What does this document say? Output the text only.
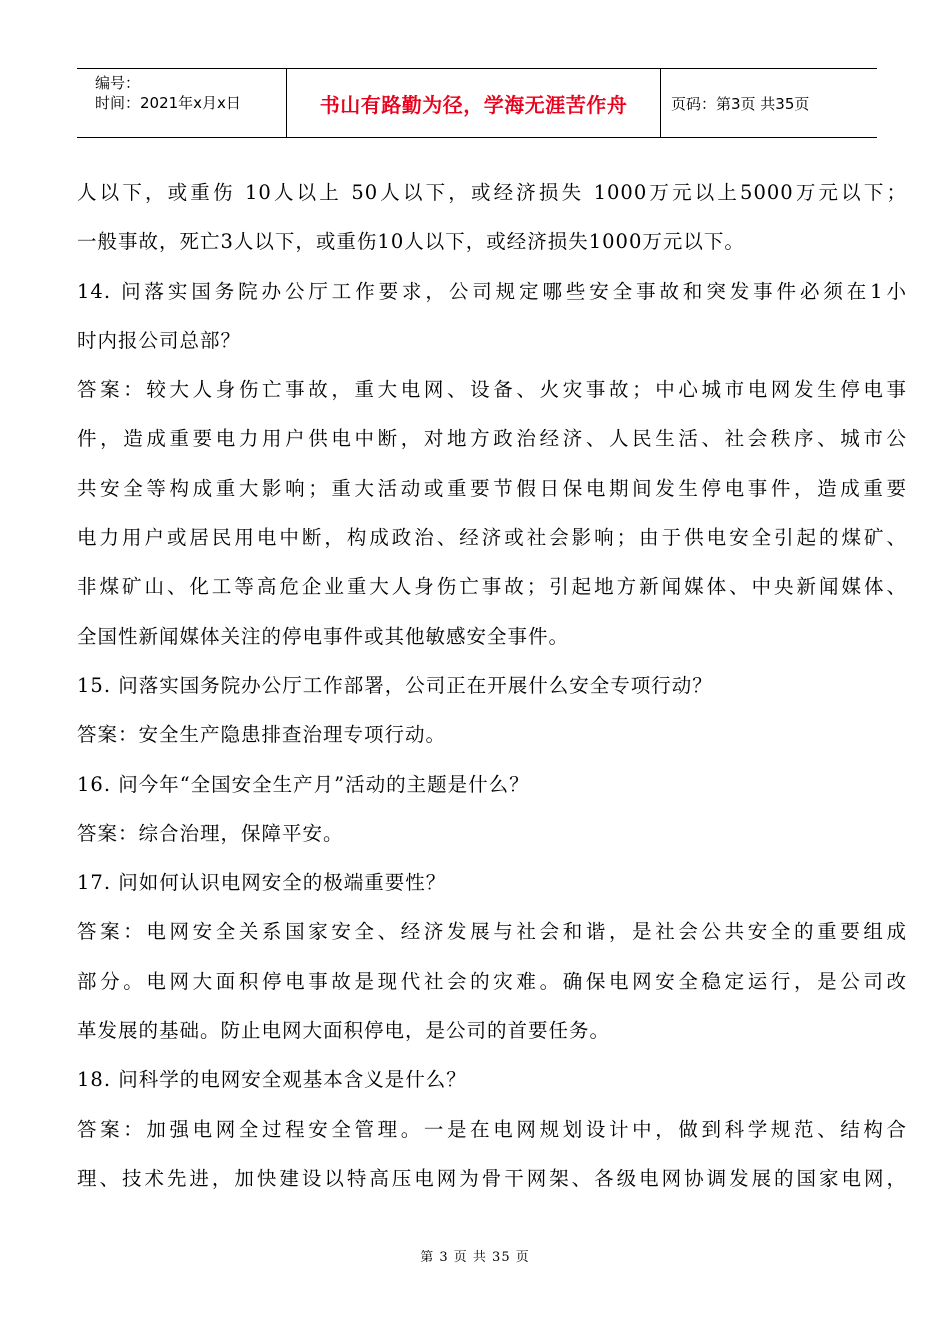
编号：
时间：2021年x月x日	书山有路勤为径，学海无涯苦作舟	页码：第3页 共35页
人以下，或重伤 10人以上 50人以下，或经济损失 1000万元以上5000万元以下；
一般事故，死亡3人以下，或重伤10人以下，或经济损失1000万元以下。
14. 问落实国务院办公厅工作要求，公司规定哪些安全事故和突发事件必须在1小
时内报公司总部？
答案：较大人身伤亡事故，重大电网、设备、火灾事故；中心城市电网发生停电事
件，造成重要电力用户供电中断，对地方政治经济、人民生活、社会秩序、城市公
共安全等构成重大影响；重大活动或重要节假日保电期间发生停电事件，造成重要
电力用户或居民用电中断，构成政治、经济或社会影响；由于供电安全引起的煤矿、
非煤矿山、化工等高危企业重大人身伤亡事故；引起地方新闻媒体、中央新闻媒体、
全国性新闻媒体关注的停电事件或其他敏感安全事件。
15. 问落实国务院办公厅工作部署，公司正在开展什么安全专项行动？
答案：安全生产隐患排查治理专项行动。
16. 问今年“全国安全生产月”活动的主题是什么？
答案：综合治理，保障平安。
17. 问如何认识电网安全的极端重要性？
答案：电网安全关系国家安全、经济发展与社会和谐，是社会公共安全的重要组成
部分。电网大面积停电事故是现代社会的灾难。确保电网安全稳定运行，是公司改
革发展的基础。防止电网大面积停电，是公司的首要任务。
18. 问科学的电网安全观基本含义是什么？
答案：加强电网全过程安全管理。一是在电网规划设计中，做到科学规范、结构合
理、技术先进，加快建设以特高压电网为骨干网架、各级电网协调发展的国家电网，
第 3 页 共 35 页
